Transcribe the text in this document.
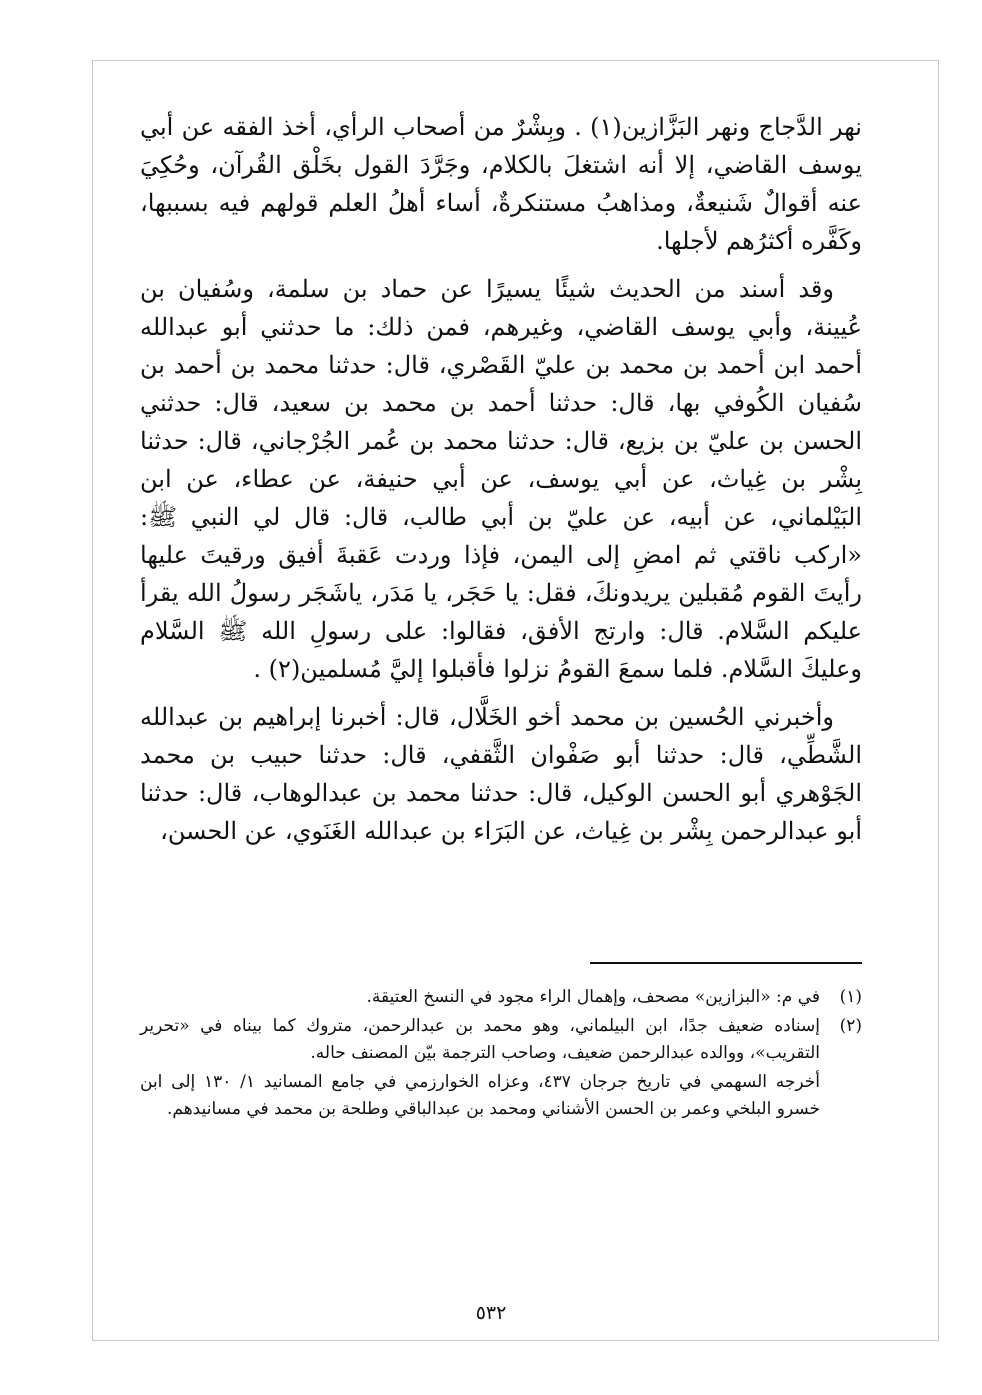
نهر الدَّجاج ونهر البَزَّازين(١) . وبِشْرٌ من أصحاب الرأي، أخذ الفقه عن أبي يوسف القاضي، إلا أنه اشتغلَ بالكلام، وجَرَّدَ القول بخَلْق القُرآن، وحُكِيَ عنه أقوالٌ شَنيعةٌ، ومذاهبُ مستنكرةٌ، أساء أهلُ العلم قولهم فيه بسببها، وكَفَّره أكثرُهم لأجلها.

وقد أسند من الحديث شيئًا يسيرًا عن حماد بن سلمة، وسُفيان بن عُيينة، وأبي يوسف القاضي، وغيرهم، فمن ذلك: ما حدثني أبو عبدالله أحمد ابن أحمد بن محمد بن عليّ القَصْري، قال: حدثنا محمد بن أحمد بن سُفيان الكُوفي بها، قال: حدثنا أحمد بن محمد بن سعيد، قال: حدثني الحسن بن عليّ بن بزيع، قال: حدثنا محمد بن عُمر الجُرْجاني، قال: حدثنا بِشْر بن غِياث، عن أبي يوسف، عن أبي حنيفة، عن عطاء، عن ابن البَيْلماني، عن أبيه، عن عليّ بن أبي طالب، قال: قال لي النبي ﷺ: «اركب ناقتي ثم امضِ إلى اليمن، فإذا وردت عَقبةَ أفيق ورقيتَ عليها رأيتَ القوم مُقبلين يريدونكَ، فقل: يا حَجَر، يا مَدَر، ياشَجَر رسولُ الله يقرأ عليكم السَّلام. قال: وارتج الأفق، فقالوا: على رسولِ الله ﷺ السَّلام وعليكَ السَّلام. فلما سمعَ القومُ نزلوا فأقبلوا إليَّ مُسلمين(٢) .

وأخبرني الحُسين بن محمد أخو الخَلَّال، قال: أخبرنا إبراهيم بن عبدالله الشَّطِّي، قال: حدثنا أبو صَفْوان الثَّقفي، قال: حدثنا حبيب بن محمد الجَوْهري أبو الحسن الوكيل، قال: حدثنا محمد بن عبدالوهاب، قال: حدثنا أبو عبدالرحمن بِشْر بن غِياث، عن البَرَاء بن عبدالله الغَنَوي، عن الحسن،

(١)
في م: «البزازين» مصحف، وإهمال الراء مجود في النسخ العتيقة.
(٢)
إسناده ضعيف جدًا، ابن البيلماني، وهو محمد بن عبدالرحمن، متروك كما بيناه في «تحرير التقريب»، ووالده عبدالرحمن ضعيف، وصاحب الترجمة بيّن المصنف حاله.

أخرجه السهمي في تاريخ جرجان ٤٣٧، وعزاه الخوارزمي في جامع المسانيد ١/ ١٣٠ إلى ابن خسرو البلخي وعمر بن الحسن الأشناني ومحمد بن عبدالباقي وطلحة بن محمد في مسانيدهم.

٥٣٢
